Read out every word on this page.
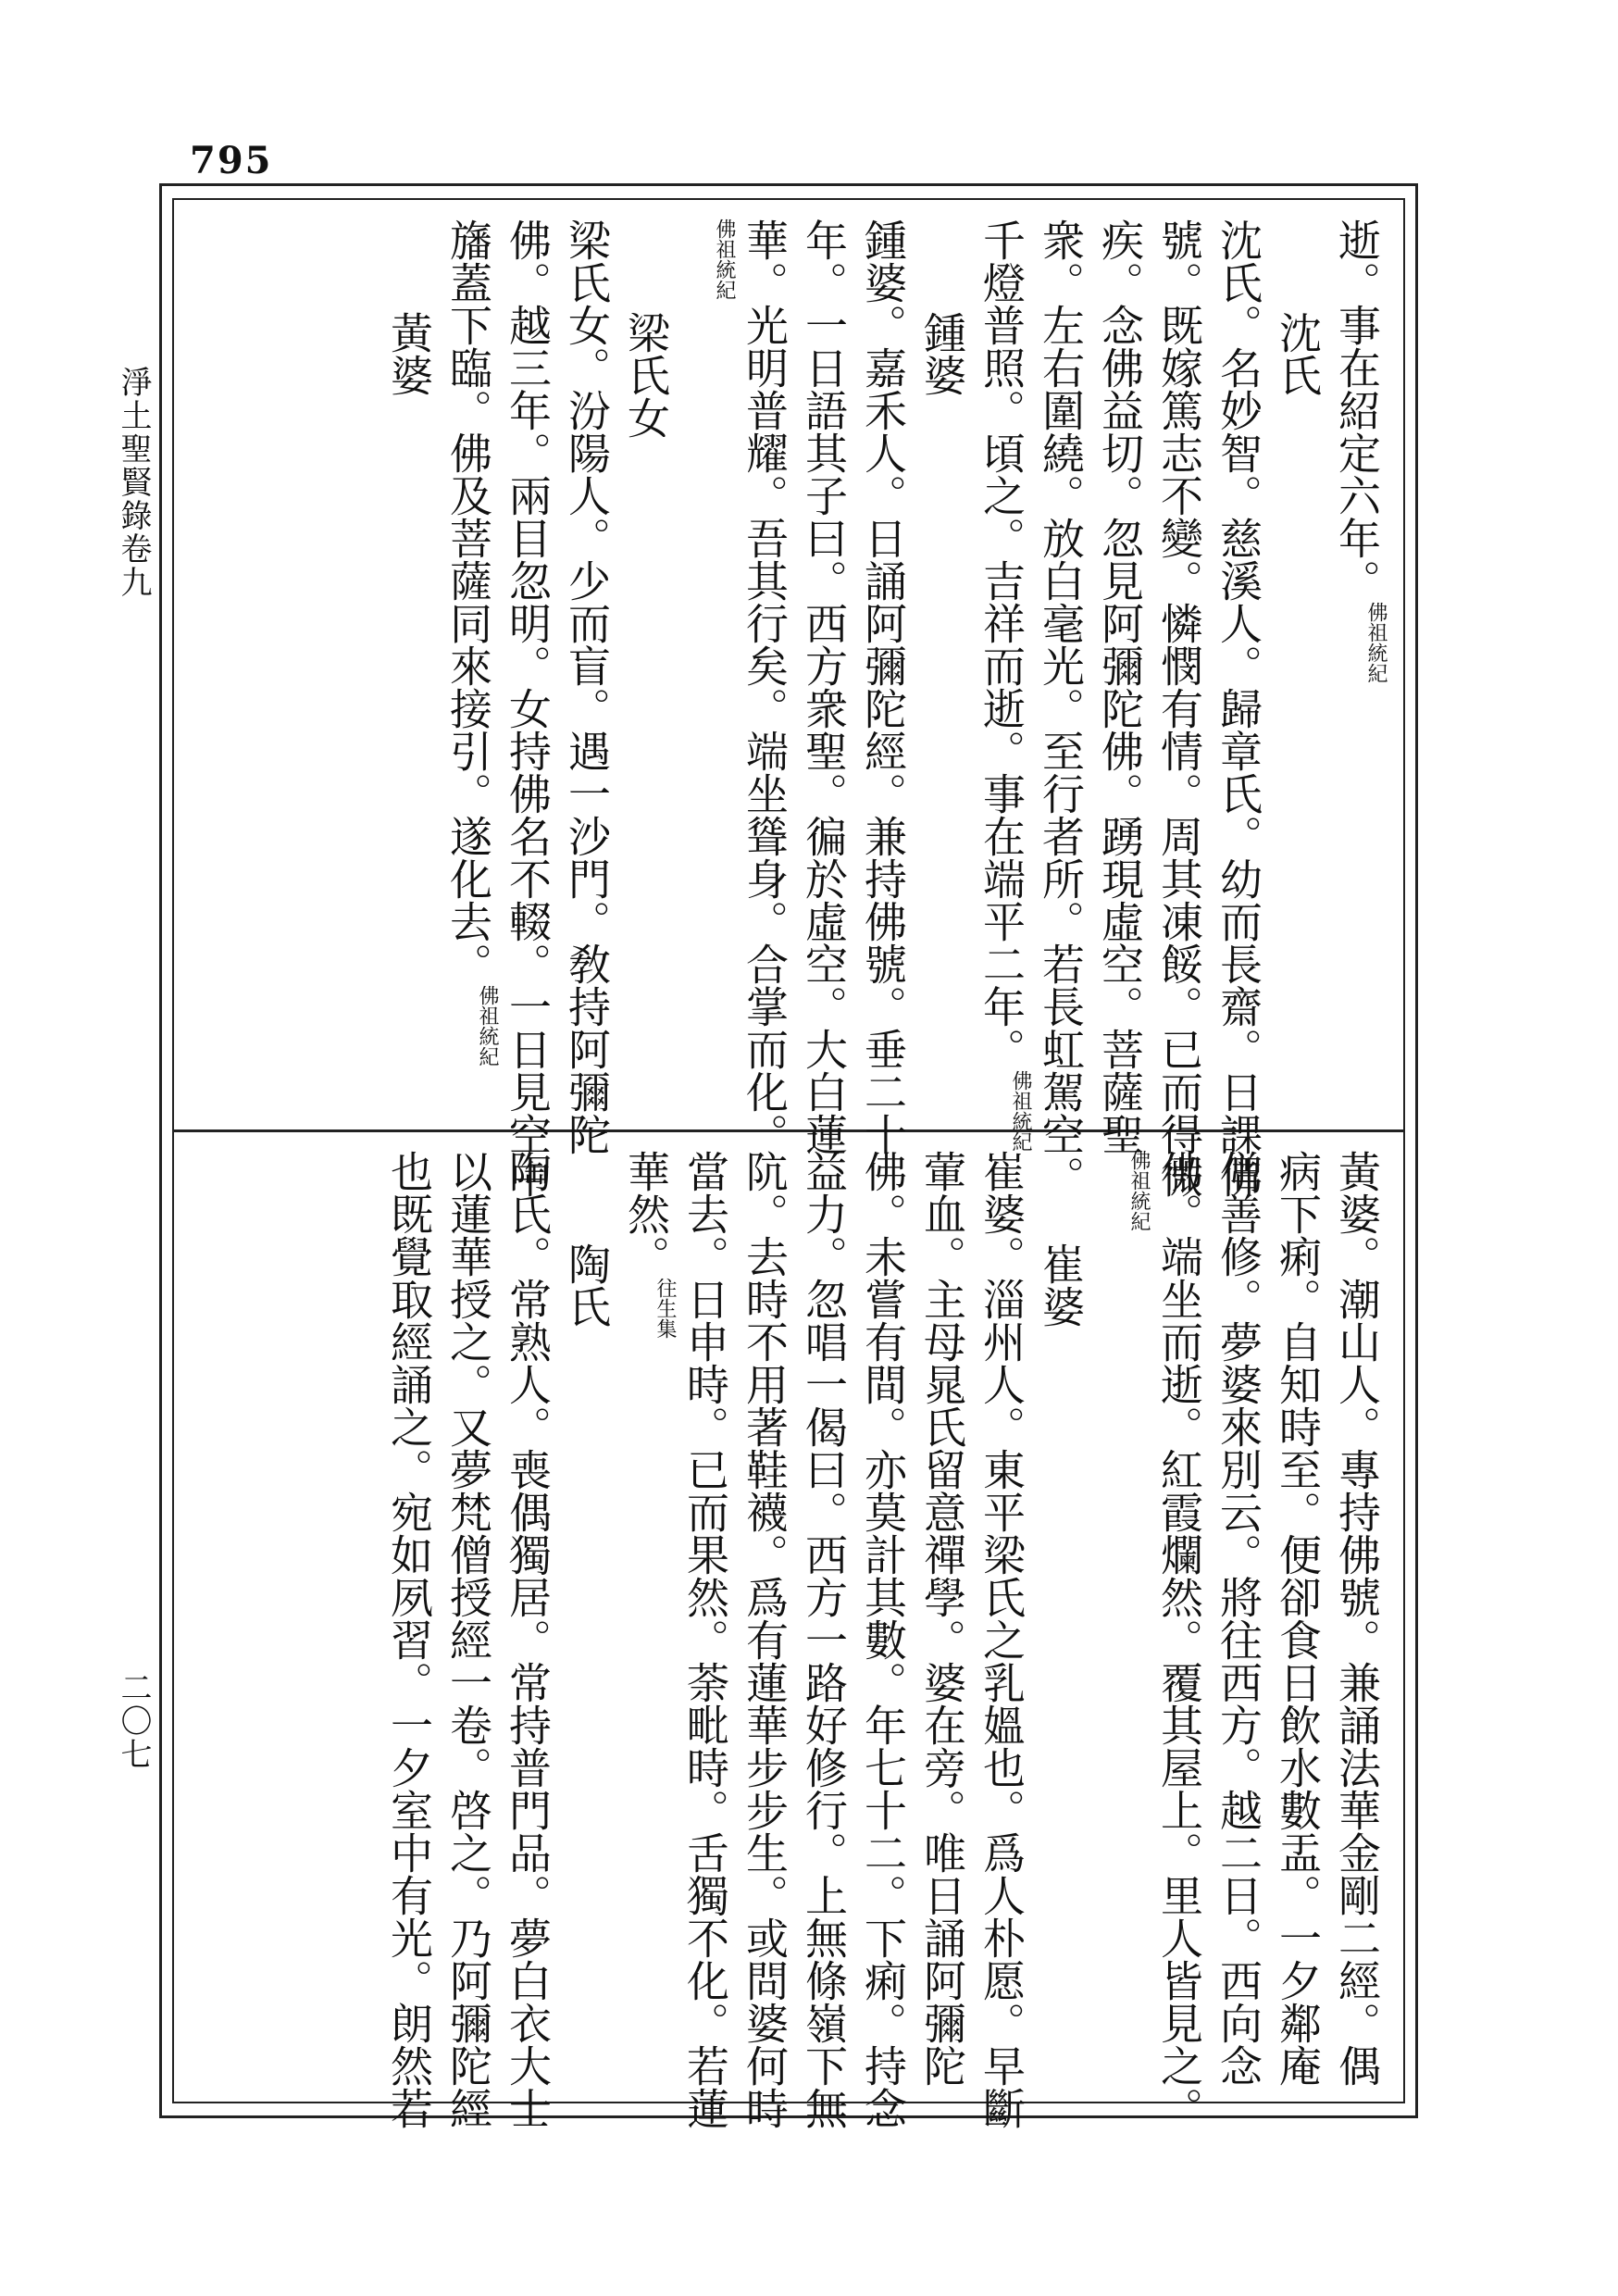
795
逝。事在紹定六年。佛祖統紀
沈氏
沈氏。名妙智。慈溪人。歸章氏。幼而長齋。日課佛
號。既嫁篤志不變。憐憫有情。周其凍餒。已而得微
疾。念佛益切。忽見阿彌陀佛。踴現虛空。菩薩聖
衆。左右圍繞。放白毫光。至行者所。若長虹駕空。
千燈普照。頃之。吉祥而逝。事在端平二年。佛祖統紀
鍾婆
鍾婆。嘉禾人。日誦阿彌陀經。兼持佛號。垂二十
年。一日語其子曰。西方衆聖。徧於虛空。大白蓮
華。光明普耀。吾其行矣。端坐聳身。合掌而化。
佛祖統紀
梁氏女
梁氏女。汾陽人。少而盲。遇一沙門。敎持阿彌陀
佛。越三年。兩目忽明。女持佛名不輟。一日見空中
旛蓋下臨。佛及菩薩同來接引。遂化去。佛祖統紀
黃婆
黃婆。潮山人。專持佛號。兼誦法華金剛二經。偶
病下痢。自知時至。便卻食日飲水數盂。一夕鄰庵
僧善修。夢婆來別云。將往西方。越二日。西向念
佛。端坐而逝。紅霞爛然。覆其屋上。里人皆見之。
佛祖統紀
崔婆
崔婆。淄州人。東平梁氏之乳媼也。爲人朴愿。早斷
葷血。主母晁氏留意禪學。婆在旁。唯日誦阿彌陀
佛。未嘗有間。亦莫計其數。年七十二。下痢。持念
益力。忽唱一偈曰。西方一路好修行。上無條嶺下無
阬。去時不用著鞋襪。爲有蓮華步步生。或問婆何時
當去。日申時。已而果然。荼毗時。舌獨不化。若蓮
華然。往生集
陶氏
陶氏。常熟人。喪偶獨居。常持普門品。夢白衣大士
以蓮華授之。又夢梵僧授經一卷。啓之。乃阿彌陀經
也既覺取經誦之。宛如夙習。一夕室中有光。朗然若
淨土聖賢錄卷九
二〇七
